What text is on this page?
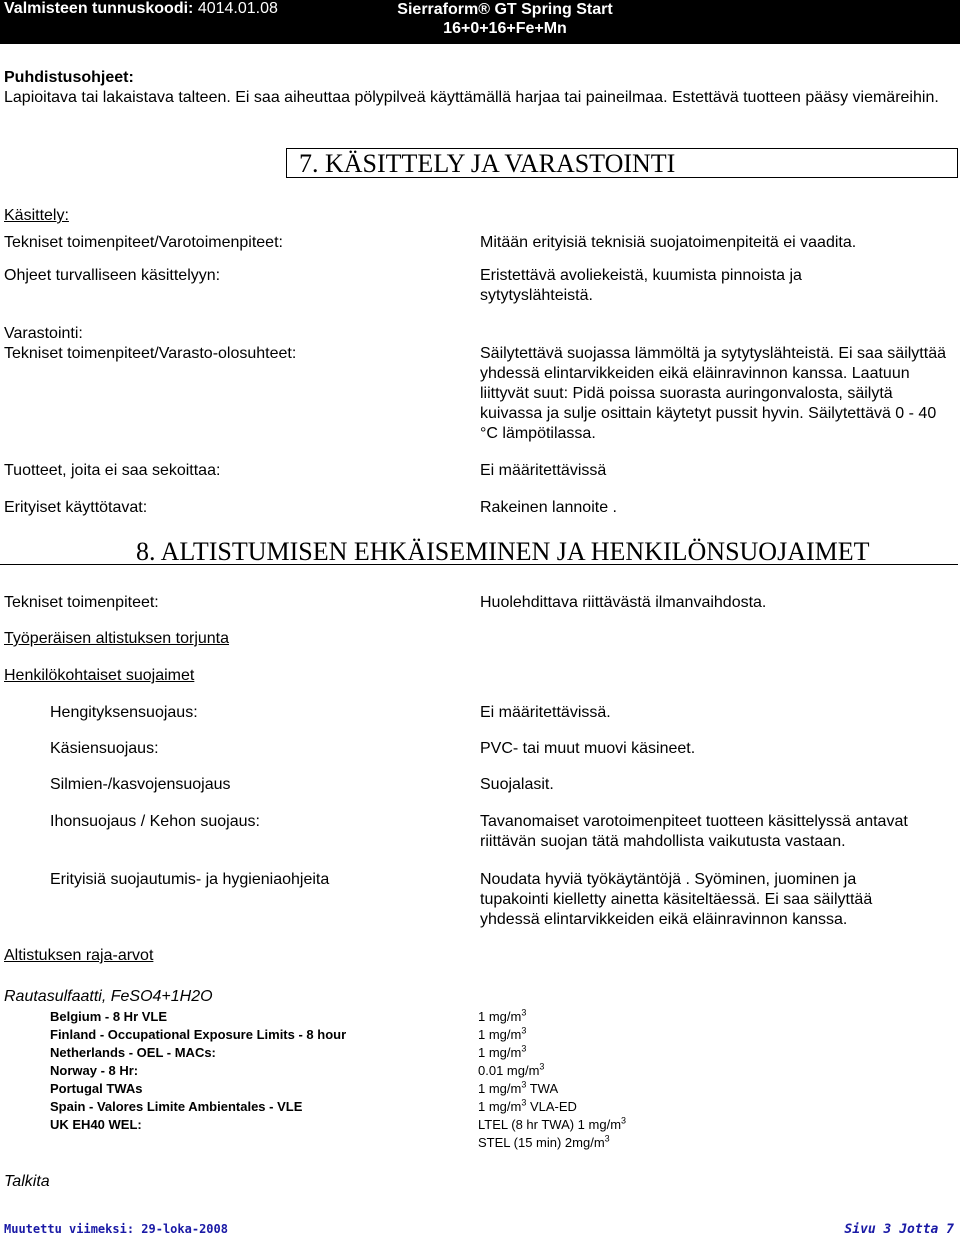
Valmisteen tunnuskoodi: 4014.01.08	Sierraform® GT Spring Start
16+0+16+Fe+Mn
Puhdistusohjeet:
Lapioitava tai lakaistava talteen. Ei saa aiheuttaa pölypilveä käyttämällä harjaa tai paineilmaa. Estettävä tuotteen pääsy viemäreihin.
7. KÄSITTELY JA VARASTOINTI
Käsittely:
Tekniset toimenpiteet/Varotoimenpiteet:	Mitään erityisiä teknisiä suojatoimenpiteitä ei vaadita.
Ohjeet turvalliseen käsittelyyn:	Eristettävä avoliekeistä, kuumista pinnoista ja sytytyslähteistä.
Varastointi:
Tekniset toimenpiteet/Varasto-olosuhteet:	Säilytettävä suojassa lämmöltä ja sytytyslähteistä. Ei saa säilyttää yhdessä elintarvikkeiden eikä eläinravinnon kanssa. Laatuun liittyvät suut: Pidä poissa suorasta auringonvalosta, säilytä kuivassa ja sulje osittain käytetyt pussit hyvin. Säilytettävä 0 - 40 °C lämpötilassa.
Tuotteet, joita ei saa sekoittaa:	Ei määritettävissä
Erityiset käyttötavat:	Rakeinen lannoite .
8. ALTISTUMISEN EHKÄISEMINEN JA HENKILÖNSUOJAIMET
Tekniset toimenpiteet:	Huolehdittava riittävästä ilmanvaihdosta.
Työperäisen altistuksen torjunta
Henkilökohtaiset suojaimet
Hengityksensuojaus:	Ei määritettävissä.
Käsiensuojaus:	PVC- tai muut muovi käsineet.
Silmien-/kasvojensuojaus	Suojalasit.
Ihonsuojaus / Kehon suojaus:	Tavanomaiset varotoimenpiteet tuotteen käsittelyssä antavat riittävän suojan tätä mahdollista vaikutusta vastaan.
Erityisiä suojautumis- ja hygieniaohjeita	Noudata hyviä työkäytäntöjä . Syöminen, juominen ja tupakointi kielletty ainetta käsiteltäessä. Ei saa säilyttää yhdessä elintarvikkeiden eikä eläinravinnon kanssa.
Altistuksen raja-arvot
Rautasulfaatti, FeSO4+1H2O
Belgium - 8 Hr VLE	1 $mg/m^3$
Finland - Occupational Exposure Limits - 8 hour	1 $mg/m^3$
Netherlands - OEL - MACs:	1 $mg/m^3$
Norway - 8 Hr:	0.01 $mg/m^3$
Portugal TWAs	1 $mg/m^3$ TWA
Spain - Valores Limite Ambientales - VLE	1 $mg/m^3$ VLA-ED
UK EH40 WEL:	LTEL (8 hr TWA) 1 $mg/m^3$
STEL (15 min) $2mg/m^3$
Talkita
Muutettu viimeksi: 29-loka-2008	Sivu 3 Jotta 7
